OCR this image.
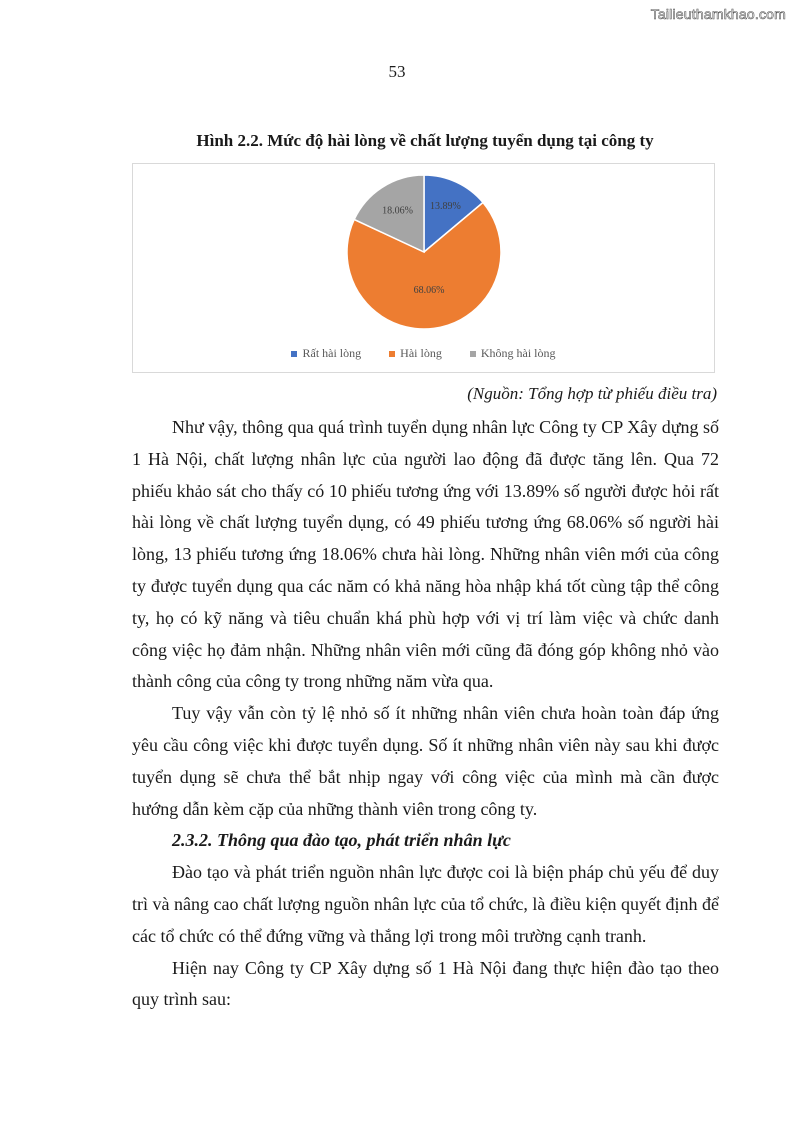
Tailieuthamkhao.com
53
Hình 2.2. Mức độ hài lòng về chất lượng tuyển dụng tại công ty
13.89%
68.06%
18.06%
Rất hài lòng	Hài lòng	Không hài lòng
(Nguồn: Tổng hợp từ phiếu điều tra)

Như vậy, thông qua quá trình tuyển dụng nhân lực Công ty CP Xây dựng số 1 Hà Nội, chất lượng nhân lực của người lao động đã được tăng lên. Qua 72 phiếu khảo sát cho thấy có 10 phiếu tương ứng với 13.89% số người được hỏi rất hài lòng về chất lượng tuyển dụng, có 49 phiếu tương ứng 68.06% số người hài lòng, 13 phiếu tương ứng 18.06% chưa hài lòng. Những nhân viên mới của công ty được tuyển dụng qua các năm có khả năng hòa nhập khá tốt cùng tập thể công ty, họ có kỹ năng và tiêu chuẩn khá phù hợp với vị trí làm việc và chức danh công việc họ đảm nhận. Những nhân viên mới cũng đã đóng góp không nhỏ vào thành công của công ty trong những năm vừa qua.

Tuy vậy vẫn còn tỷ lệ nhỏ số ít những nhân viên chưa hoàn toàn đáp ứng yêu cầu công việc khi được tuyển dụng. Số ít những nhân viên này sau khi được tuyển dụng sẽ chưa thể bắt nhịp ngay với công việc của mình mà cần được hướng dẫn kèm cặp của những thành viên trong công ty.

2.3.2. Thông qua đào tạo, phát triển nhân lực

Đào tạo và phát triển nguồn nhân lực được coi là biện pháp chủ yếu để duy trì và nâng cao chất lượng nguồn nhân lực của tổ chức, là điều kiện quyết định để các tổ chức có thể đứng vững và thắng lợi trong môi trường cạnh tranh.

Hiện nay Công ty CP Xây dựng số 1 Hà Nội đang thực hiện đào tạo theo quy trình sau:
